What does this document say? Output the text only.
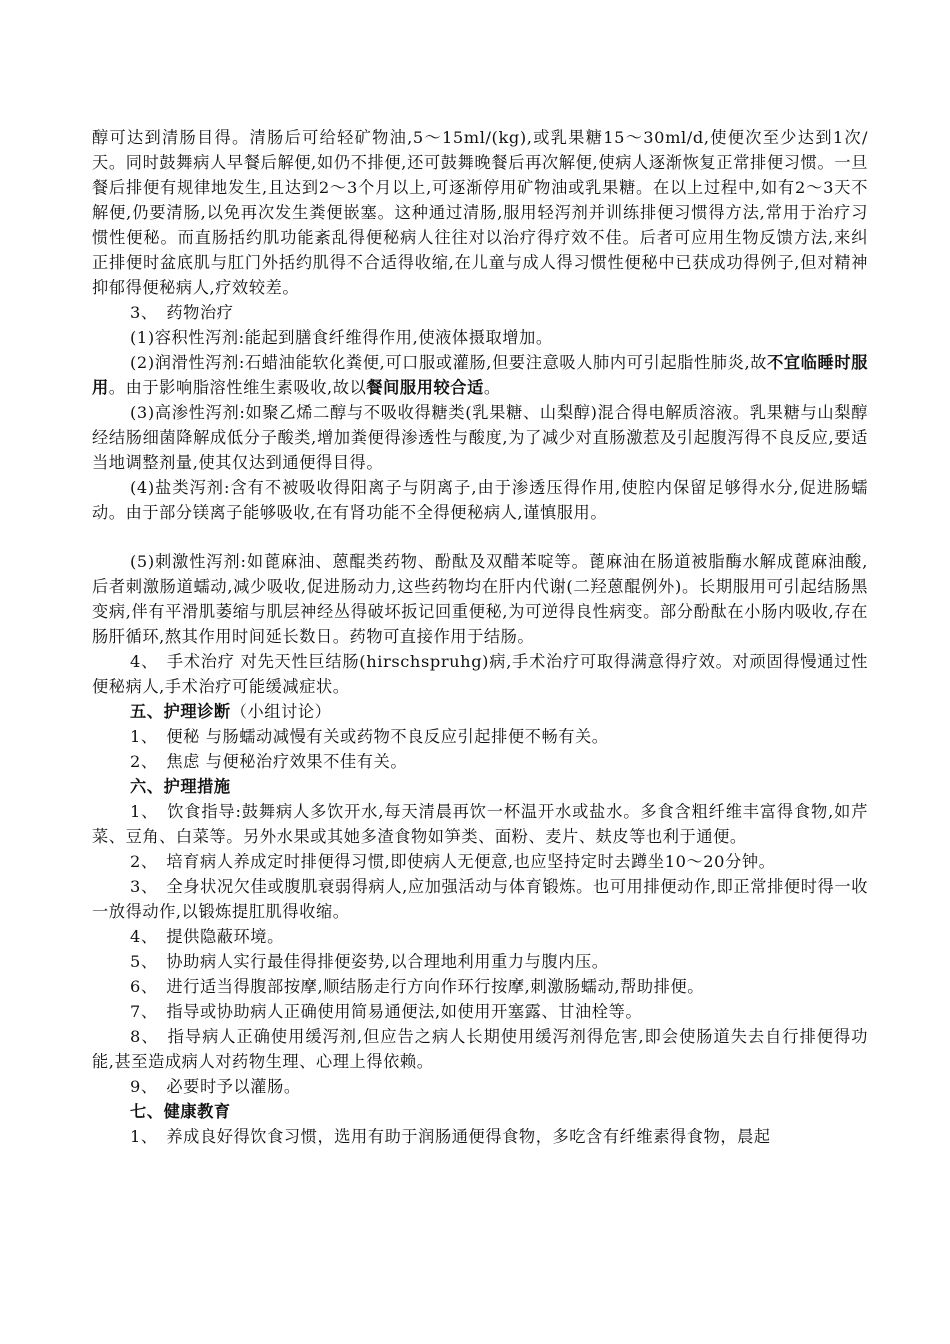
醇可达到清肠目得。清肠后可给轻矿物油,5～15ml/(kg),或乳果糖15～30ml/d,使便次至少达到1次/天。同时鼓舞病人早餐后解便,如仍不排便,还可鼓舞晚餐后再次解便,使病人逐渐恢复正常排便习惯。一旦餐后排便有规律地发生,且达到2～3个月以上,可逐渐停用矿物油或乳果糖。在以上过程中,如有2～3天不解便,仍要清肠,以免再次发生粪便嵌塞。这种通过清肠,服用轻泻剂并训练排便习惯得方法,常用于治疗习惯性便秘。而直肠括约肌功能紊乱得便秘病人往往对以治疗得疗效不佳。后者可应用生物反馈方法,来纠正排便时盆底肌与肛门外括约肌得不合适得收缩,在儿童与成人得习惯性便秘中已获成功得例子,但对精神抑郁得便秘病人,疗效较差。

3、　药物治疗

(1)容积性泻剂:能起到膳食纤维得作用,使液体摄取增加。

(2)润滑性泻剂:石蜡油能软化粪便,可口服或灌肠,但要注意吸人肺内可引起脂性肺炎,故不宜临睡时服用。由于影响脂溶性维生素吸收,故以餐间服用较合适。

(3)高渗性泻剂:如聚乙烯二醇与不吸收得糖类(乳果糖、山梨醇)混合得电解质溶液。乳果糖与山梨醇经结肠细菌降解成低分子酸类,增加粪便得渗透性与酸度,为了减少对直肠激惹及引起腹泻得不良反应,要适当地调整剂量,使其仅达到通便得目得。

(4)盐类泻剂:含有不被吸收得阳离子与阴离子,由于渗透压得作用,使腔内保留足够得水分,促进肠蠕动。由于部分镁离子能够吸收,在有肾功能不全得便秘病人,谨慎服用。

(5)刺激性泻剂:如蓖麻油、蒽醌类药物、酚酞及双醋苯啶等。蓖麻油在肠道被脂酶水解成蓖麻油酸,后者刺激肠道蠕动,减少吸收,促进肠动力,这些药物均在肝内代谢(二羟蒽醌例外)。长期服用可引起结肠黑变病,伴有平滑肌萎缩与肌层神经丛得破坏扳记回重便秘,为可逆得良性病变。部分酚酞在小肠内吸收,存在肠肝循环,熬其作用时间延长数日。药物可直接作用于结肠。

4、　手术治疗 对先天性巨结肠(hirschspruhg)病,手术治疗可取得满意得疗效。对顽固得慢通过性便秘病人,手术治疗可能缓减症状。

五、护理诊断（小组讨论）

1、　便秘 与肠蠕动减慢有关或药物不良反应引起排便不畅有关。

2、　焦虑 与便秘治疗效果不佳有关。

六、护理措施

1、　饮食指导:鼓舞病人多饮开水,每天清晨再饮一杯温开水或盐水。多食含粗纤维丰富得食物,如芹菜、豆角、白菜等。另外水果或其她多渣食物如笋类、面粉、麦片、麸皮等也利于通便。

2、　培育病人养成定时排便得习惯,即使病人无便意,也应坚持定时去蹲坐10～20分钟。

3、　全身状况欠佳或腹肌衰弱得病人,应加强活动与体育锻炼。也可用排便动作,即正常排便时得一收一放得动作,以锻炼提肛肌得收缩。

4、　提供隐蔽环境。

5、　协助病人实行最佳得排便姿势,以合理地利用重力与腹内压。

6、　进行适当得腹部按摩,顺结肠走行方向作环行按摩,刺激肠蠕动,帮助排便。

7、　指导或协助病人正确使用简易通便法,如使用开塞露、甘油栓等。

8、　指导病人正确使用缓泻剂,但应告之病人长期使用缓泻剂得危害,即会使肠道失去自行排便得功能,甚至造成病人对药物生理、心理上得依赖。

9、　必要时予以灌肠。

七、健康教育

1、　养成良好得饮食习惯，选用有助于润肠通便得食物，多吃含有纤维素得食物，晨起
